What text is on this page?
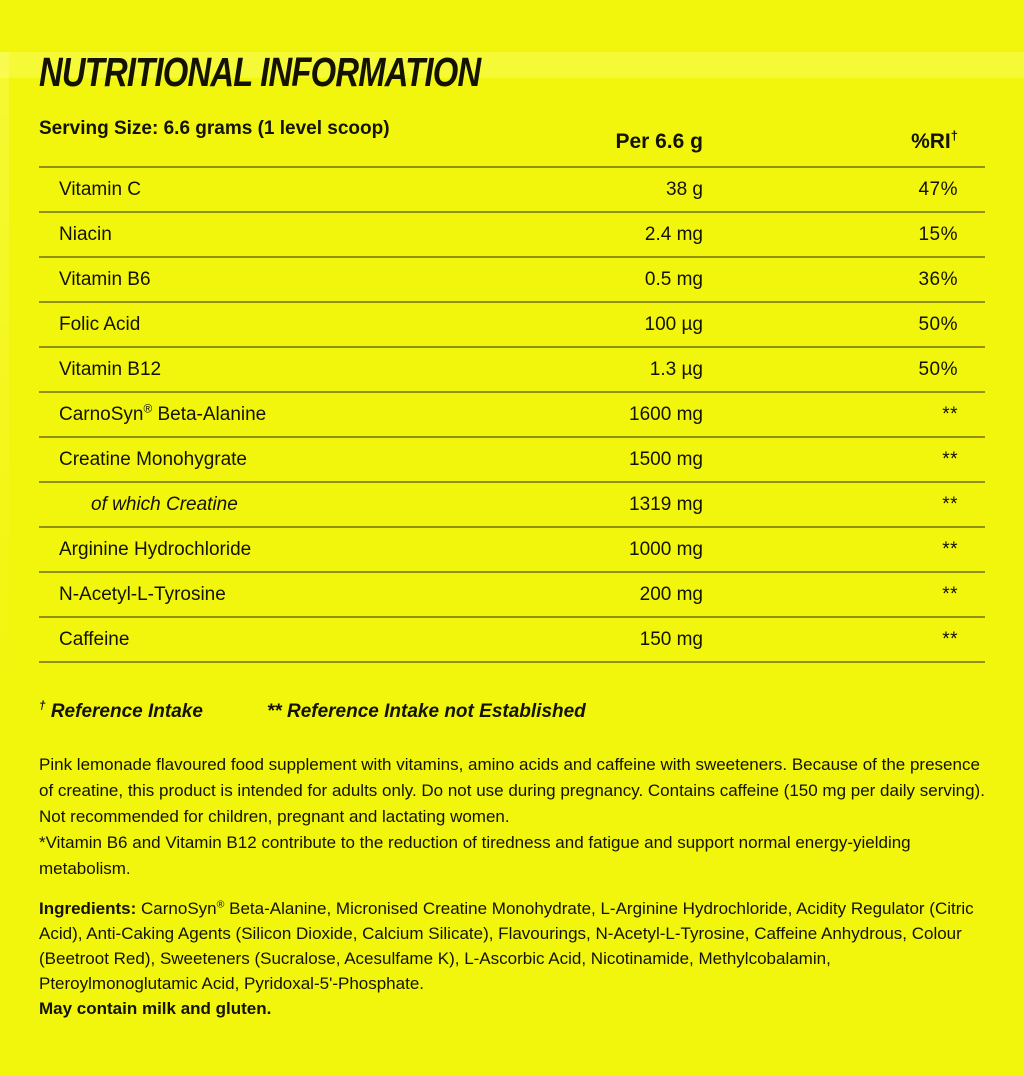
NUTRITIONAL INFORMATION
Serving Size: 6.6 grams (1 level scoop)
Per 6.6 g	%RI†
Vitamin C	38 g	47%
Niacin	2.4 mg	15%
Vitamin B6	0.5 mg	36%
Folic Acid	100 µg	50%
Vitamin B12	1.3 µg	50%
CarnoSyn® Beta-Alanine	1600 mg	**
Creatine Monohygrate	1500 mg	**
of which Creatine	1319 mg	**
Arginine Hydrochloride	1000 mg	**
N-Acetyl-L-Tyrosine	200 mg	**
Caffeine	150 mg	**
† Reference Intake	** Reference Intake not Established

Pink lemonade flavoured food supplement with vitamins, amino acids and caffeine with sweeteners. Because of the presence of creatine, this product is intended for adults only. Do not use during pregnancy. Contains caffeine (150 mg per daily serving). Not recommended for children, pregnant and lactating women.
*Vitamin B6 and Vitamin B12 contribute to the reduction of tiredness and fatigue and support normal energy-yielding metabolism.

Ingredients: CarnoSyn® Beta-Alanine, Micronised Creatine Monohydrate, L-Arginine Hydrochloride, Acidity Regulator (Citric Acid), Anti-Caking Agents (Silicon Dioxide, Calcium Silicate), Flavourings, N-Acetyl-L-Tyrosine, Caffeine Anhydrous, Colour (Beetroot Red), Sweeteners (Sucralose, Acesulfame K), L-Ascorbic Acid, Nicotinamide, Methylcobalamin, Pteroylmonoglutamic Acid, Pyridoxal-5'-Phosphate.
May contain milk and gluten.
